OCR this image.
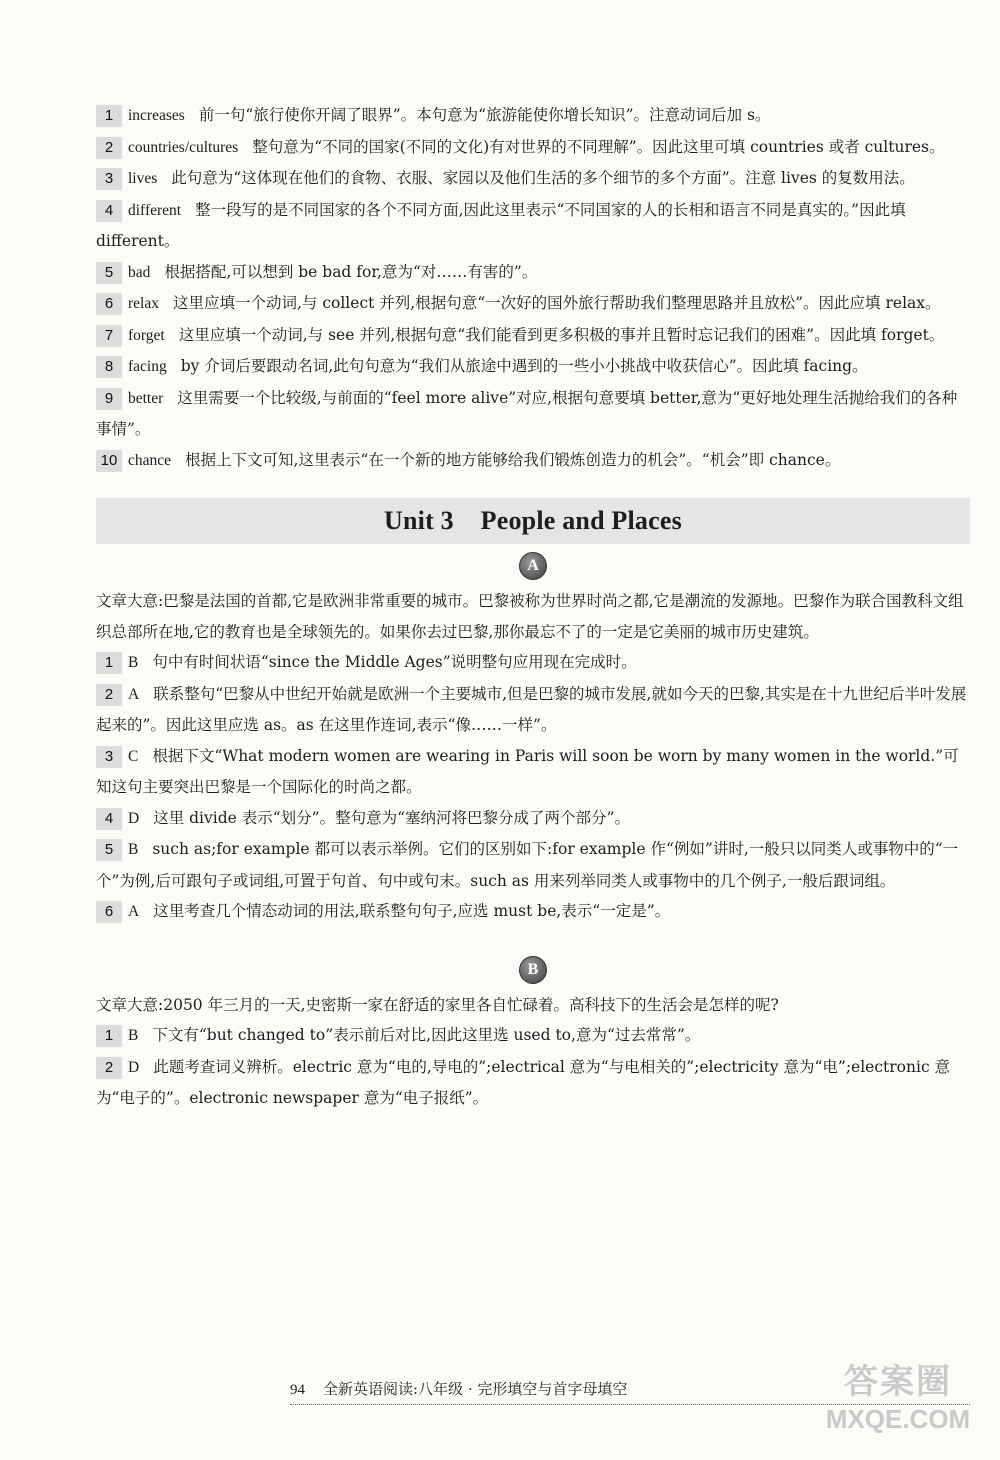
1 increases 前一句“旅行使你开阔了眼界”。本句意为“旅游能使你增长知识”。注意动词后加 s。

2 countries/cultures 整句意为“不同的国家(不同的文化)有对世界的不同理解”。因此这里可填 countries 或者 cultures。

3 lives 此句意为“这体现在他们的食物、衣服、家园以及他们生活的多个细节的多个方面”。注意 lives 的复数用法。

4 different 整一段写的是不同国家的各个不同方面,因此这里表示“不同国家的人的长相和语言不同是真实的。”因此填 different。

5 bad 根据搭配,可以想到 be bad for,意为“对……有害的”。

6 relax 这里应填一个动词,与 collect 并列,根据句意“一次好的国外旅行帮助我们整理思路并且放松”。因此应填 relax。

7 forget 这里应填一个动词,与 see 并列,根据句意“我们能看到更多积极的事并且暂时忘记我们的困难”。因此填 forget。

8 facing by 介词后要跟动名词,此句句意为“我们从旅途中遇到的一些小小挑战中收获信心”。因此填 facing。

9 better 这里需要一个比较级,与前面的“feel more alive”对应,根据句意要填 better,意为“更好地处理生活抛给我们的各种事情”。

10 chance 根据上下文可知,这里表示“在一个新的地方能够给我们锻炼创造力的机会”。“机会”即 chance。

Unit 3    People and Places
A

文章大意:巴黎是法国的首都,它是欧洲非常重要的城市。巴黎被称为世界时尚之都,它是潮流的发源地。巴黎作为联合国教科文组织总部所在地,它的教育也是全球领先的。如果你去过巴黎,那你最忘不了的一定是它美丽的城市历史建筑。

1 B 句中有时间状语“since the Middle Ages”说明整句应用现在完成时。

2 A 联系整句“巴黎从中世纪开始就是欧洲一个主要城市,但是巴黎的城市发展,就如今天的巴黎,其实是在十九世纪后半叶发展起来的”。因此这里应选 as。as 在这里作连词,表示“像……一样”。

3 C 根据下文“What modern women are wearing in Paris will soon be worn by many women in the world.”可知这句主要突出巴黎是一个国际化的时尚之都。

4 D 这里 divide 表示“划分”。整句意为“塞纳河将巴黎分成了两个部分”。

5 B such as;for example 都可以表示举例。它们的区别如下:for example 作“例如”讲时,一般只以同类人或事物中的“一个”为例,后可跟句子或词组,可置于句首、句中或句末。such as 用来列举同类人或事物中的几个例子,一般后跟词组。

6 A 这里考查几个情态动词的用法,联系整句句子,应选 must be,表示“一定是”。

B

文章大意:2050 年三月的一天,史密斯一家在舒适的家里各自忙碌着。高科技下的生活会是怎样的呢?

1 B 下文有“but changed to”表示前后对比,因此这里选 used to,意为“过去常常”。

2 D 此题考查词义辨析。electric 意为“电的,导电的”;electrical 意为“与电相关的”;electricity 意为“电”;electronic 意为“电子的”。electronic newspaper 意为“电子报纸”。

94 全新英语阅读:八年级 · 完形填空与首字母填空	答案圈
MXQE.COM
